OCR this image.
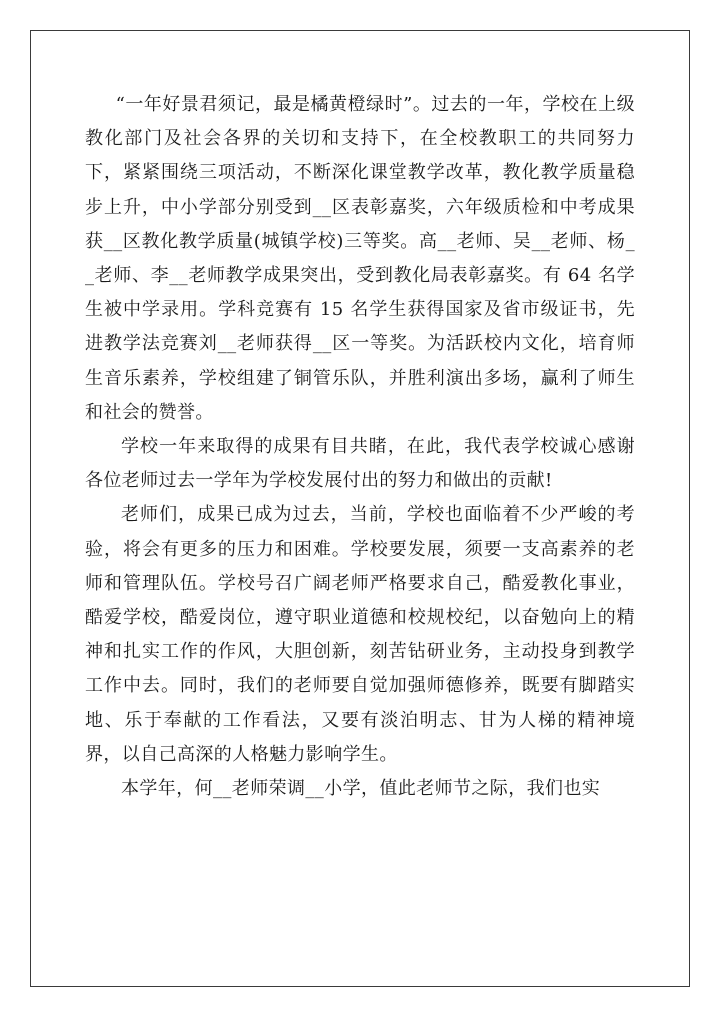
“一年好景君须记，最是橘黄橙绿时”。过去的一年，学校在上级教化部门及社会各界的关切和支持下，在全校教职工的共同努力下，紧紧围绕三项活动，不断深化课堂教学改革，教化教学质量稳步上升，中小学部分别受到__区表彰嘉奖，六年级质检和中考成果获__区教化教学质量(城镇学校)三等奖。高__老师、吴__老师、杨__老师、李__老师教学成果突出，受到教化局表彰嘉奖。有 64 名学生被中学录用。学科竞赛有 15 名学生获得国家及省市级证书，先进教学法竞赛刘__老师获得__区一等奖。为活跃校内文化，培育师生音乐素养，学校组建了铜管乐队，并胜利演出多场，赢利了师生和社会的赞誉。

学校一年来取得的成果有目共睹，在此，我代表学校诚心感谢各位老师过去一学年为学校发展付出的努力和做出的贡献!

老师们，成果已成为过去，当前，学校也面临着不少严峻的考验，将会有更多的压力和困难。学校要发展，须要一支高素养的老师和管理队伍。学校号召广阔老师严格要求自己，酷爱教化事业，酷爱学校，酷爱岗位，遵守职业道德和校规校纪，以奋勉向上的精神和扎实工作的作风，大胆创新，刻苦钻研业务，主动投身到教学工作中去。同时，我们的老师要自觉加强师德修养，既要有脚踏实地、乐于奉献的工作看法，又要有淡泊明志、甘为人梯的精神境界，以自己高深的人格魅力影响学生。

本学年，何__老师荣调__小学，值此老师节之际，我们也实
